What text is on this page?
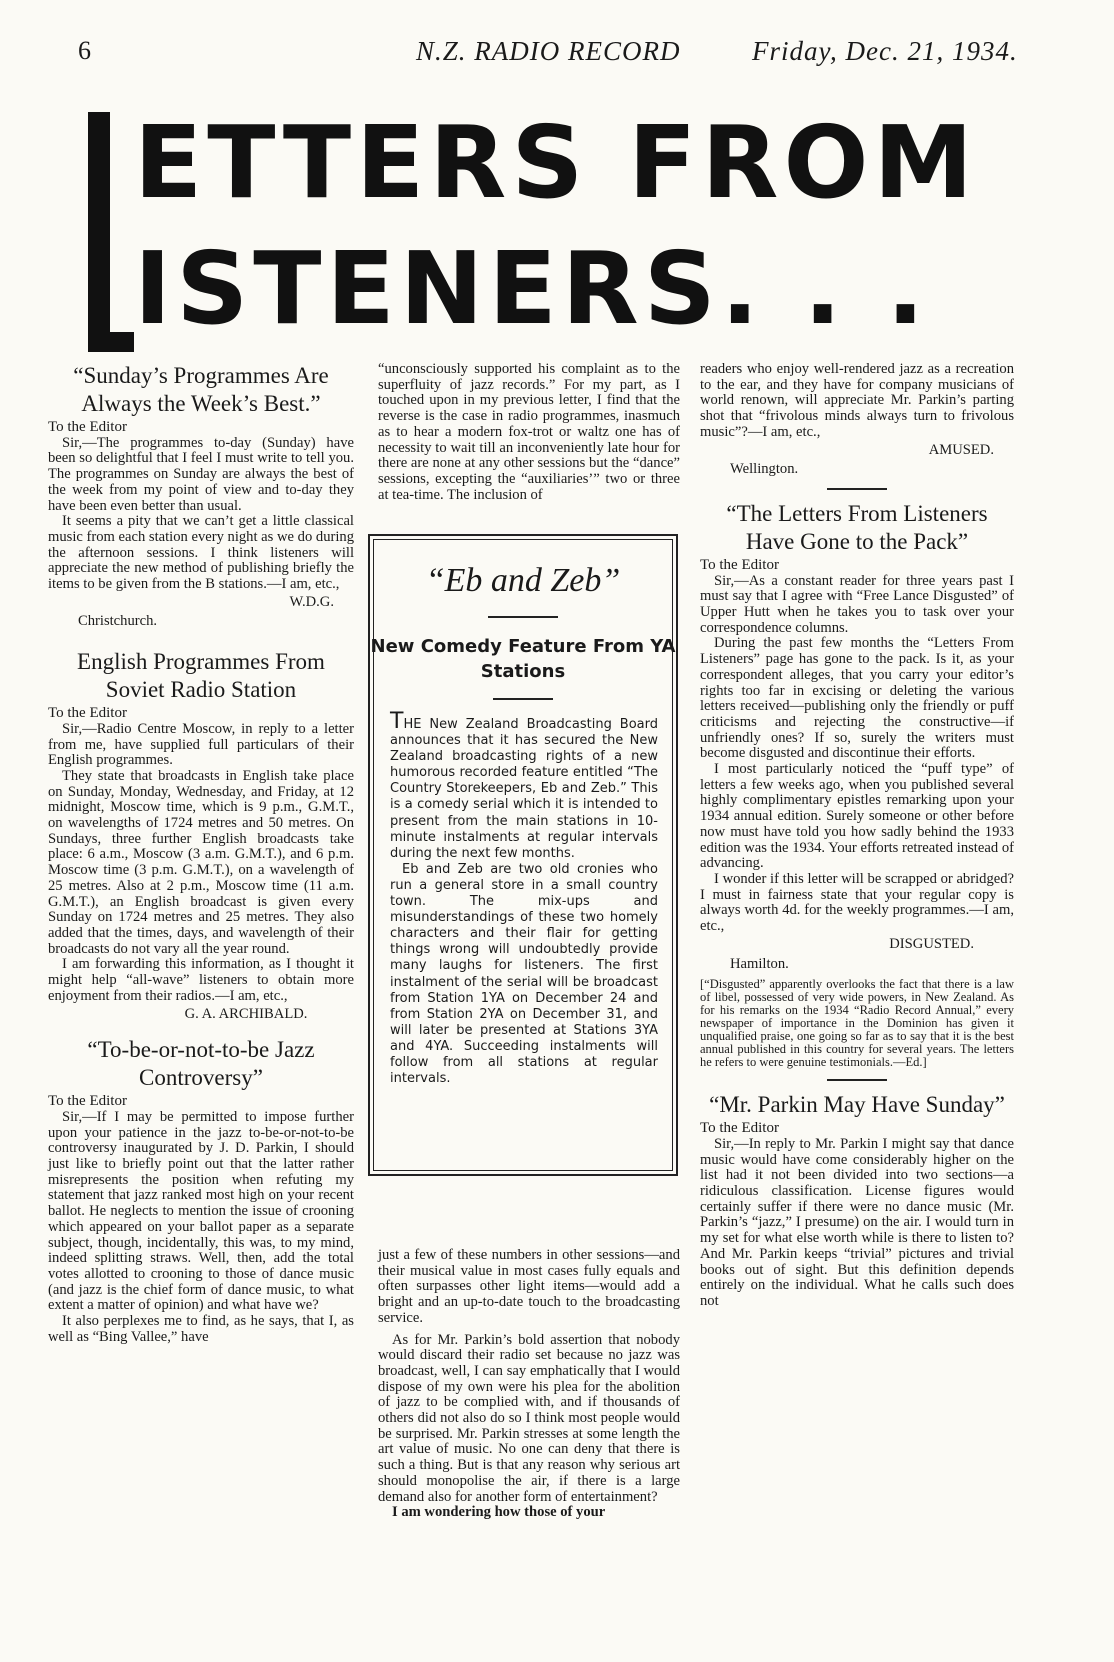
6	N.Z. RADIO RECORD	Friday, Dec. 21, 1934.
ETTERS FROM
ISTENERS. . .
“Sunday’s Programmes Are Always the Week’s Best.”
To the Editor

Sir,—The programmes to-day (Sunday) have been so delightful that I feel I must write to tell you. The programmes on Sunday are always the best of the week from my point of view and to-day they have been even better than usual.

It seems a pity that we can’t get a little classical music from each station every night as we do during the afternoon sessions. I think listeners will appreciate the new method of publishing briefly the items to be given from the B stations.—I am, etc.,

W.D.G.
Christchurch.
English Programmes From Soviet Radio Station
To the Editor

Sir,—Radio Centre Moscow, in reply to a letter from me, have supplied full particulars of their English programmes.

They state that broadcasts in English take place on Sunday, Monday, Wednesday, and Friday, at 12 midnight, Moscow time, which is 9 p.m., G.M.T., on wavelengths of 1724 metres and 50 metres. On Sundays, three further English broadcasts take place: 6 a.m., Moscow (3 a.m. G.M.T.), and 6 p.m. Moscow time (3 p.m. G.M.T.), on a wavelength of 25 metres. Also at 2 p.m., Moscow time (11 a.m. G.M.T.), an English broadcast is given every Sunday on 1724 metres and 25 metres. They also added that the times, days, and wavelength of their broadcasts do not vary all the year round.

I am forwarding this information, as I thought it might help “all-wave” listeners to obtain more enjoyment from their radios.—I am, etc.,

G. A. ARCHIBALD.
“To-be-or-not-to-be Jazz Controversy”
To the Editor

Sir,—If I may be permitted to impose further upon your patience in the jazz to-be-or-not-to-be controversy inaugurated by J. D. Parkin, I should just like to briefly point out that the latter rather misrepresents the position when refuting my statement that jazz ranked most high on your recent ballot. He neglects to mention the issue of crooning which appeared on your ballot paper as a separate subject, though, incidentally, this was, to my mind, indeed splitting straws. Well, then, add the total votes allotted to crooning to those of dance music (and jazz is the chief form of dance music, to what extent a matter of opinion) and what have we?

It also perplexes me to find, as he says, that I, as well as “Bing Vallee,” have

“unconsciously supported his complaint as to the superfluity of jazz records.” For my part, as I touched upon in my previous letter, I find that the reverse is the case in radio programmes, inasmuch as to hear a modern fox-trot or waltz one has of necessity to wait till an inconveniently late hour for there are none at any other sessions but the “dance” sessions, excepting the “auxiliaries’” two or three at tea-time. The inclusion of

“Eb and Zeb”
New Comedy Feature From YA Stations

THE New Zealand Broadcasting Board announces that it has secured the New Zealand broadcasting rights of a new humorous recorded feature entitled “The Country Storekeepers, Eb and Zeb.” This is a comedy serial which it is intended to present from the main stations in 10-minute instalments at regular intervals during the next few months.

Eb and Zeb are two old cronies who run a general store in a small country town. The mix-ups and misunderstandings of these two homely characters and their flair for getting things wrong will undoubtedly provide many laughs for listeners. The first instalment of the serial will be broadcast from Station 1YA on December 24 and from Station 2YA on December 31, and will later be presented at Stations 3YA and 4YA. Succeeding instalments will follow from all stations at regular intervals.

just a few of these numbers in other sessions—and their musical value in most cases fully equals and often surpasses other light items—would add a bright and an up-to-date touch to the broadcasting service.

As for Mr. Parkin’s bold assertion that nobody would discard their radio set because no jazz was broadcast, well, I can say emphatically that I would dispose of my own were his plea for the abolition of jazz to be complied with, and if thousands of others did not also do so I think most people would be surprised. Mr. Parkin stresses at some length the art value of music. No one can deny that there is such a thing. But is that any reason why serious art should monopolise the air, if there is a large demand also for another form of entertainment?

I am wondering how those of your

readers who enjoy well-rendered jazz as a recreation to the ear, and they have for company musicians of world renown, will appreciate Mr. Parkin’s parting shot that “frivolous minds always turn to frivolous music”?—I am, etc.,

AMUSED.
Wellington.
“The Letters From Listeners Have Gone to the Pack”
To the Editor

Sir,—As a constant reader for three years past I must say that I agree with “Free Lance Disgusted” of Upper Hutt when he takes you to task over your correspondence columns.

During the past few months the “Letters From Listeners” page has gone to the pack. Is it, as your correspondent alleges, that you carry your editor’s rights too far in excising or deleting the various letters received—publishing only the friendly or puff criticisms and rejecting the constructive—if unfriendly ones? If so, surely the writers must become disgusted and discontinue their efforts.

I most particularly noticed the “puff type” of letters a few weeks ago, when you published several highly complimentary epistles remarking upon your 1934 annual edition. Surely someone or other before now must have told you how sadly behind the 1933 edition was the 1934. Your efforts retreated instead of advancing.

I wonder if this letter will be scrapped or abridged? I must in fairness state that your regular copy is always worth 4d. for the weekly programmes.—I am, etc.,

DISGUSTED.
Hamilton.

[“Disgusted” apparently overlooks the fact that there is a law of libel, possessed of very wide powers, in New Zealand. As for his remarks on the 1934 “Radio Record Annual,” every newspaper of importance in the Dominion has given it unqualified praise, one going so far as to say that it is the best annual published in this country for several years. The letters he refers to were genuine testimonials.—Ed.]

“Mr. Parkin May Have Sunday”
To the Editor

Sir,—In reply to Mr. Parkin I might say that dance music would have come considerably higher on the list had it not been divided into two sections—a ridiculous classification. License figures would certainly suffer if there were no dance music (Mr. Parkin’s “jazz,” I presume) on the air. I would turn in my set for what else worth while is there to listen to? And Mr. Parkin keeps “trivial” pictures and trivial books out of sight. But this definition depends entirely on the individual. What he calls such does not
